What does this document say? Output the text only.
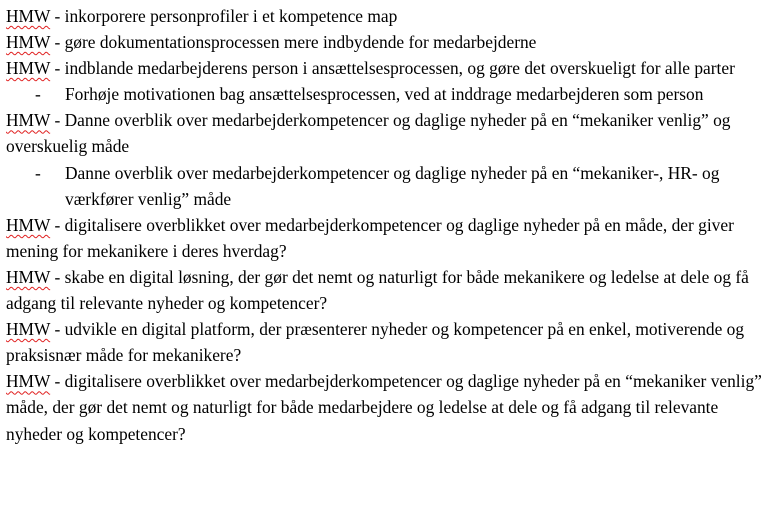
HMW - inkorporere personprofiler i et kompetence map

HMW - gøre dokumentationsprocessen mere indbydende for medarbejderne

HMW - indblande medarbejderens person i ansættelsesprocessen, og gøre det overskueligt for alle parter

- Forhøje motivationen bag ansættelsesprocessen, ved at inddrage medarbejderen som person

HMW - Danne overblik over medarbejderkompetencer og daglige nyheder på en “mekaniker venlig” og overskuelig måde

- Danne overblik over medarbejderkompetencer og daglige nyheder på en “mekaniker-, HR- og værkfører venlig” måde

HMW - digitalisere overblikket over medarbejderkompetencer og daglige nyheder på en måde, der giver mening for mekanikere i deres hverdag?

HMW - skabe en digital løsning, der gør det nemt og naturligt for både mekanikere og ledelse at dele og få adgang til relevante nyheder og kompetencer?

HMW - udvikle en digital platform, der præsenterer nyheder og kompetencer på en enkel, motiverende og praksisnær måde for mekanikere?

HMW - digitalisere overblikket over medarbejderkompetencer og daglige nyheder på en “mekaniker venlig” måde, der gør det nemt og naturligt for både medarbejdere og ledelse at dele og få adgang til relevante nyheder og kompetencer?
